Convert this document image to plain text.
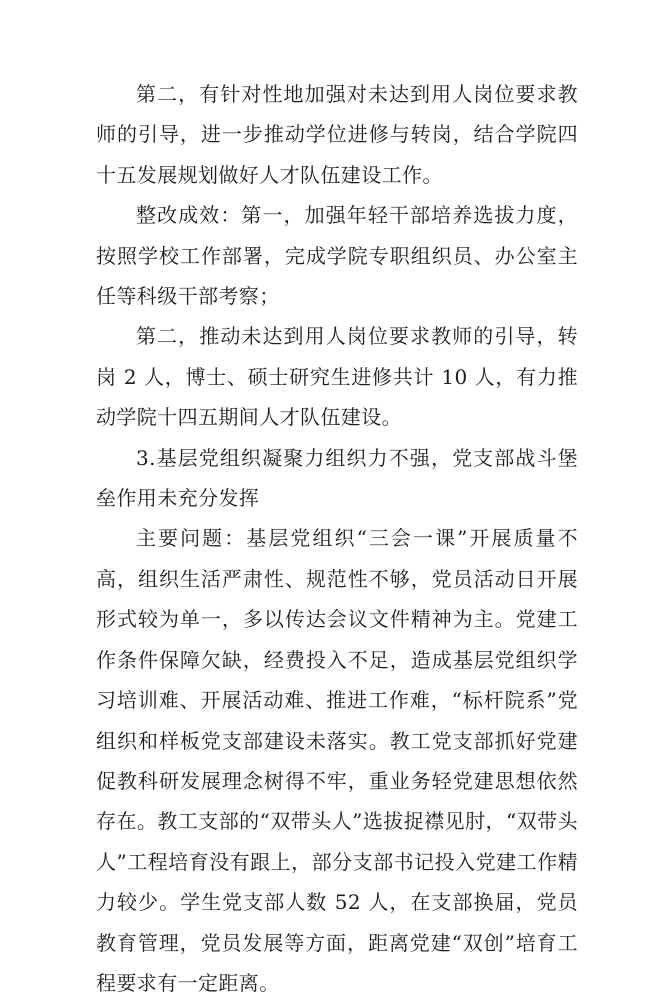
第二，有针对性地加强对未达到用人岗位要求教师的引导，进一步推动学位进修与转岗，结合学院四十五发展规划做好人才队伍建设工作。

整改成效：第一，加强年轻干部培养选拔力度，按照学校工作部署，完成学院专职组织员、办公室主任等科级干部考察；

第二，推动未达到用人岗位要求教师的引导，转岗 2 人，博士、硕士研究生进修共计 10 人，有力推动学院十四五期间人才队伍建设。

3.基层党组织凝聚力组织力不强，党支部战斗堡垒作用未充分发挥

主要问题：基层党组织“三会一课”开展质量不高，组织生活严肃性、规范性不够，党员活动日开展形式较为单一，多以传达会议文件精神为主。党建工作条件保障欠缺，经费投入不足，造成基层党组织学习培训难、开展活动难、推进工作难，“标杆院系”党组织和样板党支部建设未落实。教工党支部抓好党建促教科研发展理念树得不牢，重业务轻党建思想依然存在。教工支部的“双带头人”选拔捉襟见肘，“双带头人”工程培育没有跟上，部分支部书记投入党建工作精力较少。学生党支部人数 52 人，在支部换届，党员教育管理，党员发展等方面，距离党建“双创”培育工程要求有一定距离。
